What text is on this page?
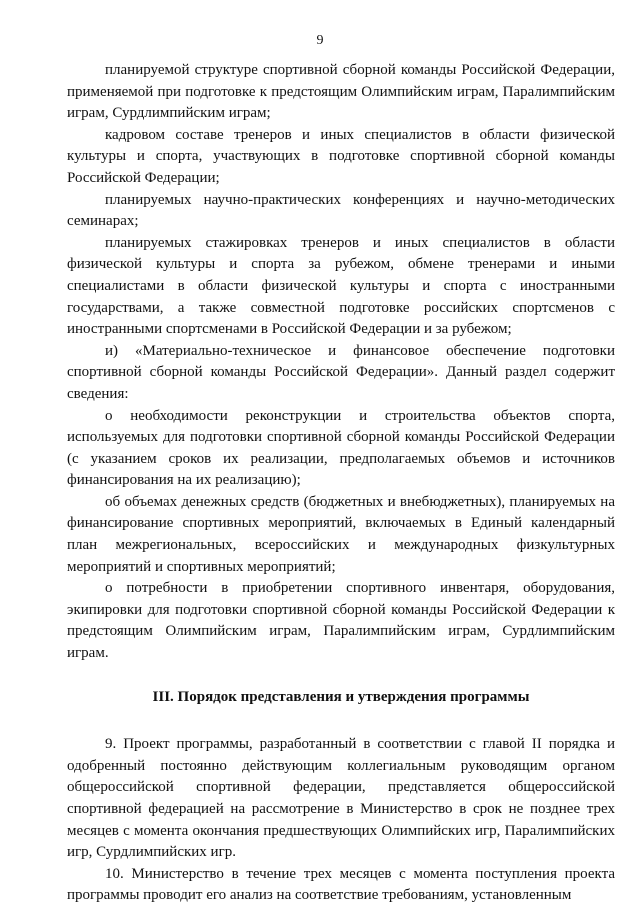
9

планируемой структуре спортивной сборной команды Российской Федерации, применяемой при подготовке к предстоящим Олимпийским играм, Паралимпийским играм, Сурдлимпийским играм;

кадровом составе тренеров и иных специалистов в области физической культуры и спорта, участвующих в подготовке спортивной сборной команды Российской Федерации;

планируемых научно-практических конференциях и научно-методических семинарах;

планируемых стажировках тренеров и иных специалистов в области физической культуры и спорта за рубежом, обмене тренерами и иными специалистами в области физической культуры и спорта с иностранными государствами, а также совместной подготовке российских спортсменов с иностранными спортсменами в Российской Федерации и за рубежом;

и) «Материально-техническое и финансовое обеспечение подготовки спортивной сборной команды Российской Федерации». Данный раздел содержит сведения:

о необходимости реконструкции и строительства объектов спорта, используемых для подготовки спортивной сборной команды Российской Федерации (с указанием сроков их реализации, предполагаемых объемов и источников финансирования на их реализацию);

об объемах денежных средств (бюджетных и внебюджетных), планируемых на финансирование спортивных мероприятий, включаемых в Единый календарный план межрегиональных, всероссийских и международных физкультурных мероприятий и спортивных мероприятий;

о потребности в приобретении спортивного инвентаря, оборудования, экипировки для подготовки спортивной сборной команды Российской Федерации к предстоящим Олимпийским играм, Паралимпийским играм, Сурдлимпийским играм.

III. Порядок представления и утверждения программы

9. Проект программы, разработанный в соответствии с главой II порядка и одобренный постоянно действующим коллегиальным руководящим органом общероссийской спортивной федерации, представляется общероссийской спортивной федерацией на рассмотрение в Министерство в срок не позднее трех месяцев с момента окончания предшествующих Олимпийских игр, Паралимпийских игр, Сурдлимпийских игр.

10. Министерство в течение трех месяцев с момента поступления проекта программы проводит его анализ на соответствие требованиям, установленным
